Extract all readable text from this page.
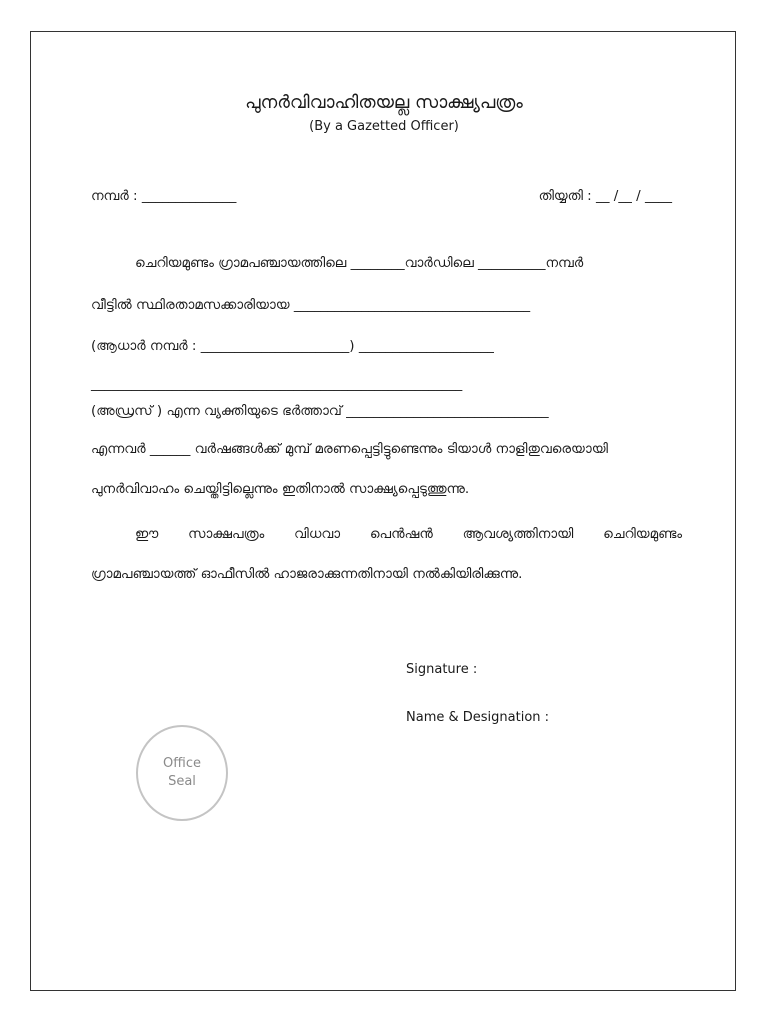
പുനർവിവാഹിതയല്ല സാക്ഷ്യപത്രം
(By a Gazetted Officer)
നമ്പർ : ______________	തിയ്യതി : __ /__ / ____
ചെറിയമുണ്ടം ഗ്രാമപഞ്ചായത്തിലെ ________വാർഡിലെ __________നമ്പർ
വീട്ടിൽ സ്ഥിരതാമസക്കാരിയായ ___________________________________
(ആധാർ നമ്പർ : ______________________) ____________________
_______________________________________________________
(അഡ്രസ് ) എന്ന വ്യക്തിയുടെ ഭർത്താവ് ______________________________
എന്നവർ ______ വർഷങ്ങൾക്ക് മുമ്പ് മരണപ്പെട്ടിട്ടുണ്ടെന്നും ടിയാൾ നാളിതുവരെയായി
പുനർവിവാഹം ചെയ്തിട്ടില്ലെന്നും ഇതിനാൽ സാക്ഷ്യപ്പെടുത്തുന്നു.
ഈ സാക്ഷപത്രം വിധവാ പെൻഷൻ ആവശ്യത്തിനായി ചെറിയമുണ്ടം
ഗ്രാമപഞ്ചായത്ത് ഓഫീസിൽ ഹാജരാക്കുന്നതിനായി നൽകിയിരിക്കുന്നു.
Signature :
Name & Designation :
Office
Seal
